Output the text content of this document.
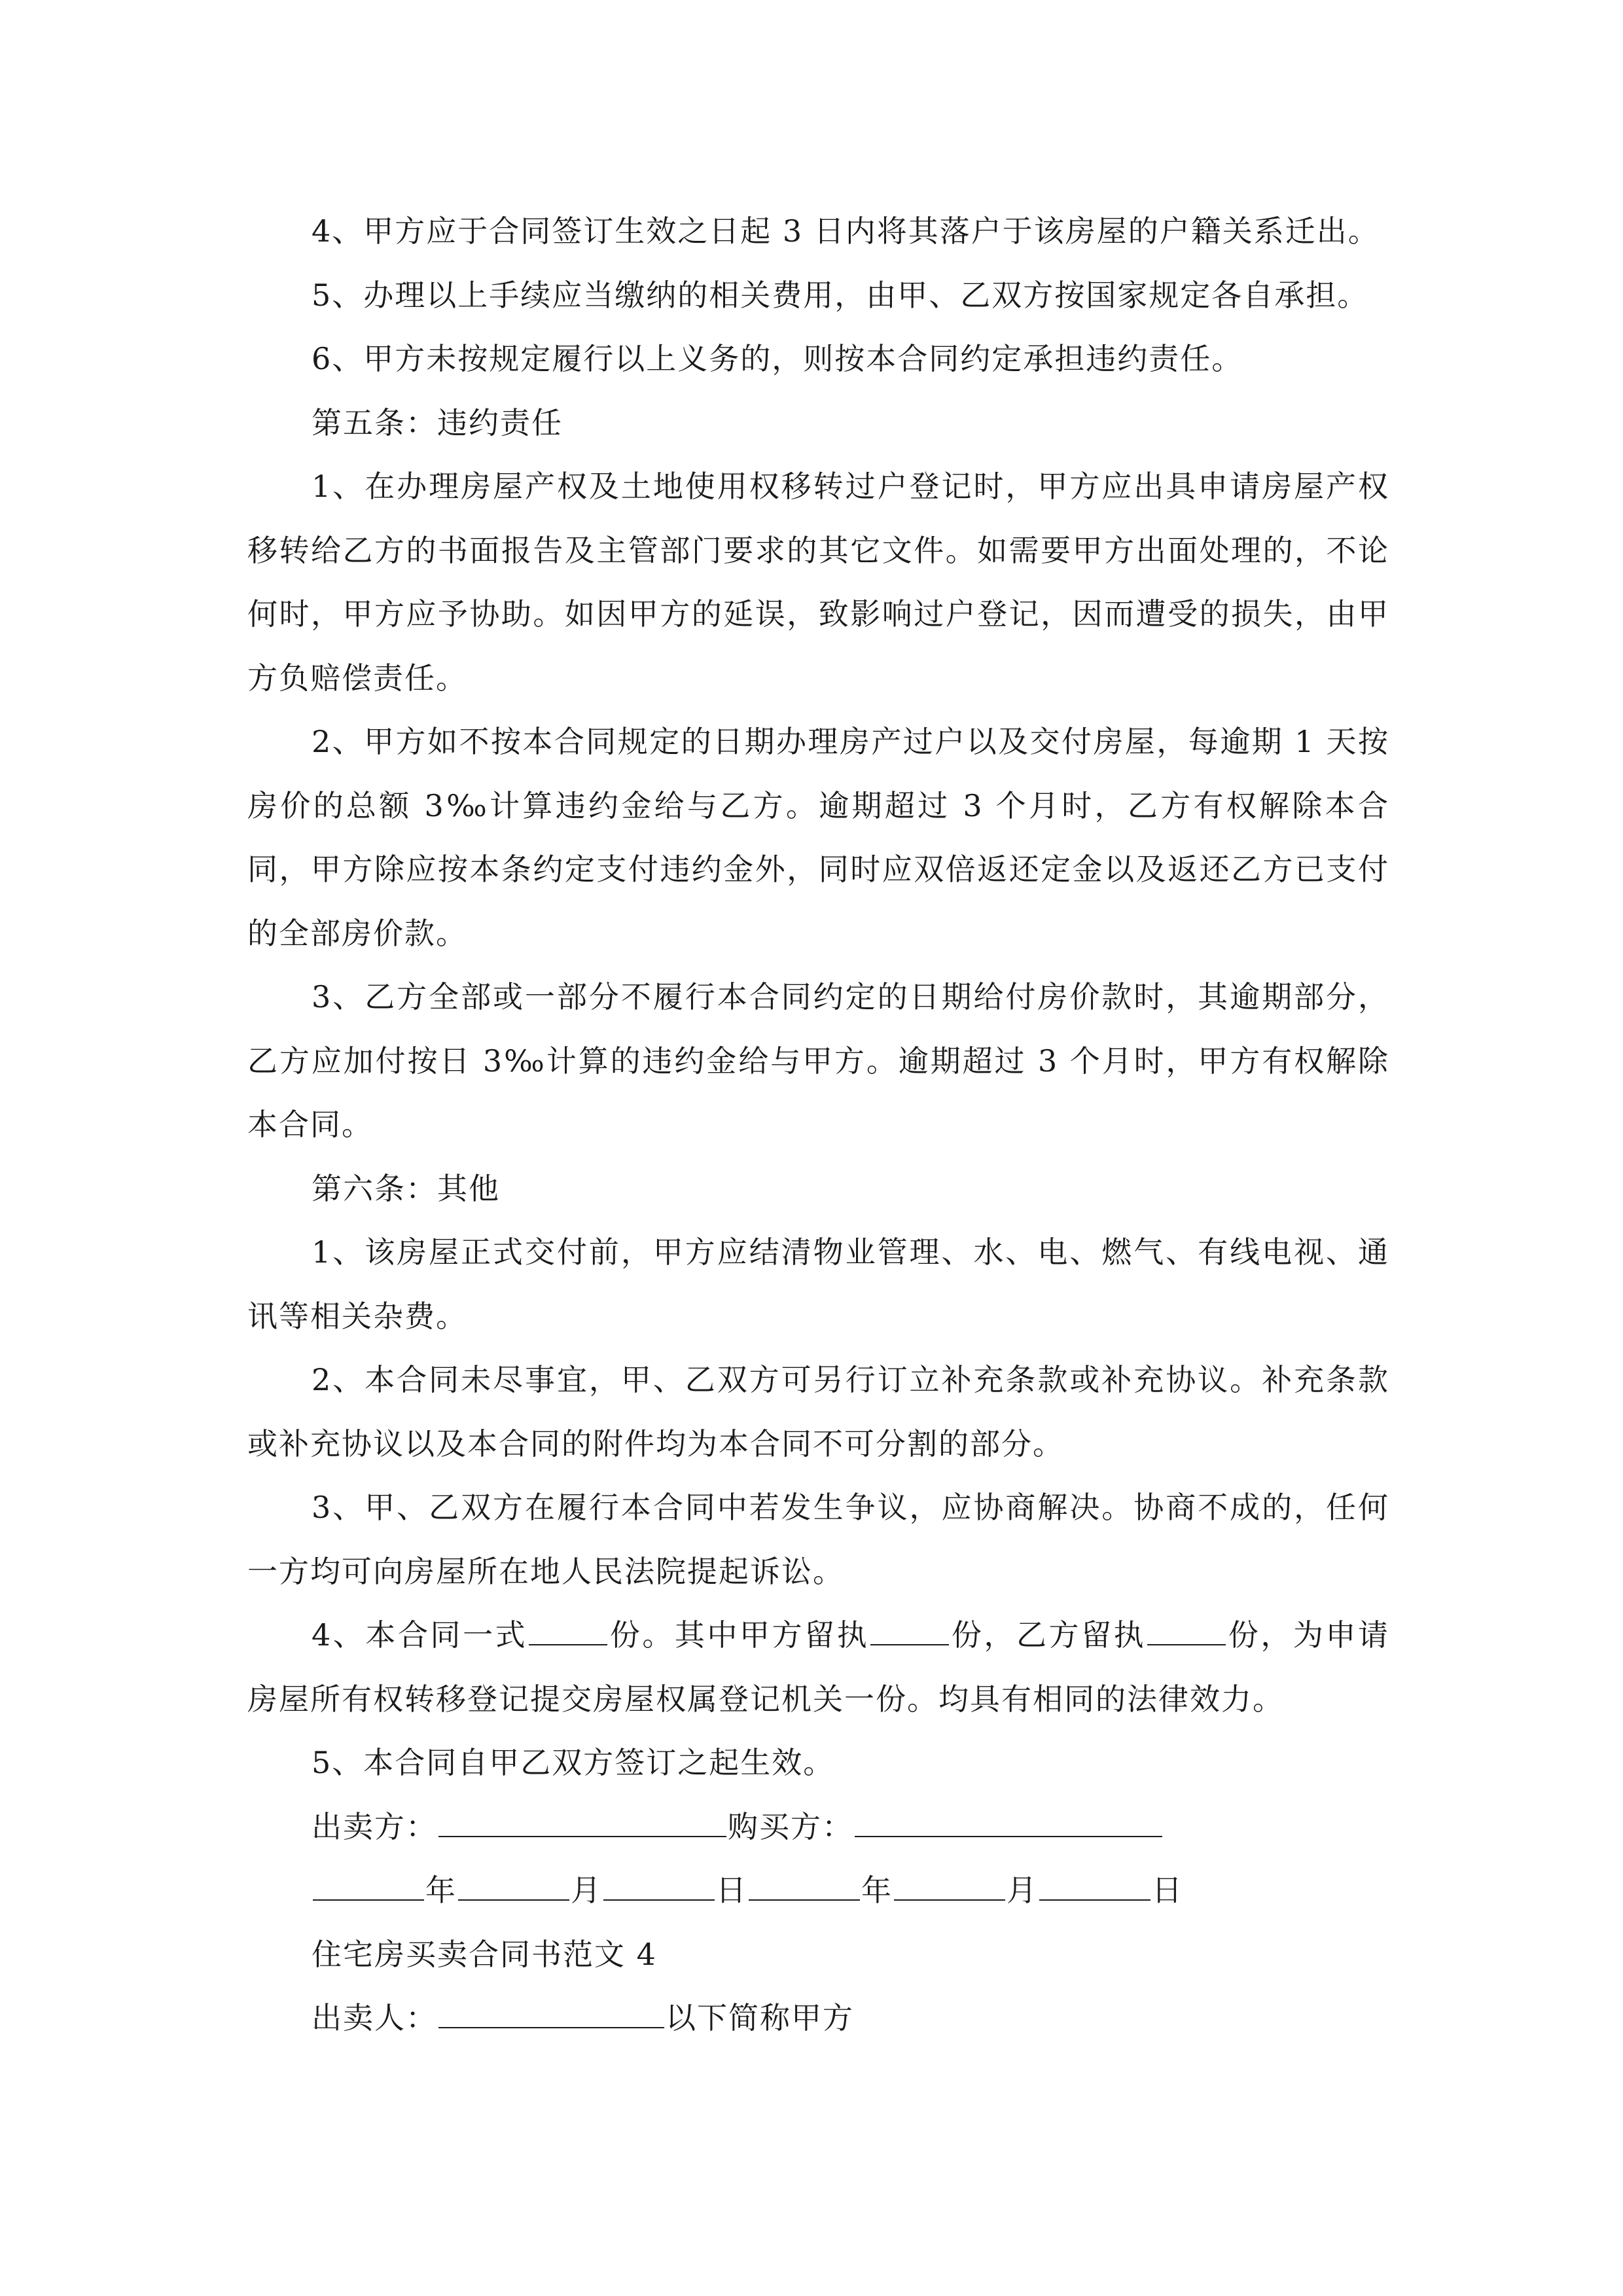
4、甲方应于合同签订生效之日起 3 日内将其落户于该房屋的户籍关系迁出。

5、办理以上手续应当缴纳的相关费用，由甲、乙双方按国家规定各自承担。

6、甲方未按规定履行以上义务的，则按本合同约定承担违约责任。

第五条：违约责任

1、在办理房屋产权及土地使用权移转过户登记时，甲方应出具申请房屋产权移转给乙方的书面报告及主管部门要求的其它文件。如需要甲方出面处理的，不论何时，甲方应予协助。如因甲方的延误，致影响过户登记，因而遭受的损失，由甲方负赔偿责任。

2、甲方如不按本合同规定的日期办理房产过户以及交付房屋，每逾期 1 天按房价的总额 3‰计算违约金给与乙方。逾期超过 3 个月时，乙方有权解除本合同，甲方除应按本条约定支付违约金外，同时应双倍返还定金以及返还乙方已支付的全部房价款。

3、乙方全部或一部分不履行本合同约定的日期给付房价款时，其逾期部分，乙方应加付按日 3‰计算的违约金给与甲方。逾期超过 3 个月时，甲方有权解除本合同。

第六条：其他

1、该房屋正式交付前，甲方应结清物业管理、水、电、燃气、有线电视、通讯等相关杂费。

2、本合同未尽事宜，甲、乙双方可另行订立补充条款或补充协议。补充条款或补充协议以及本合同的附件均为本合同不可分割的部分。

3、甲、乙双方在履行本合同中若发生争议，应协商解决。协商不成的，任何一方均可向房屋所在地人民法院提起诉讼。

4、本合同一式	份。其中甲方留执	份，乙方留执	份，为申请房屋所有权转移登记提交房屋权属登记机关一份。均具有相同的法律效力。

5、本合同自甲乙双方签订之起生效。

出卖方：	购买方：

年	月	日	年	月	日

住宅房买卖合同书范文 4

出卖人：	以下简称甲方
